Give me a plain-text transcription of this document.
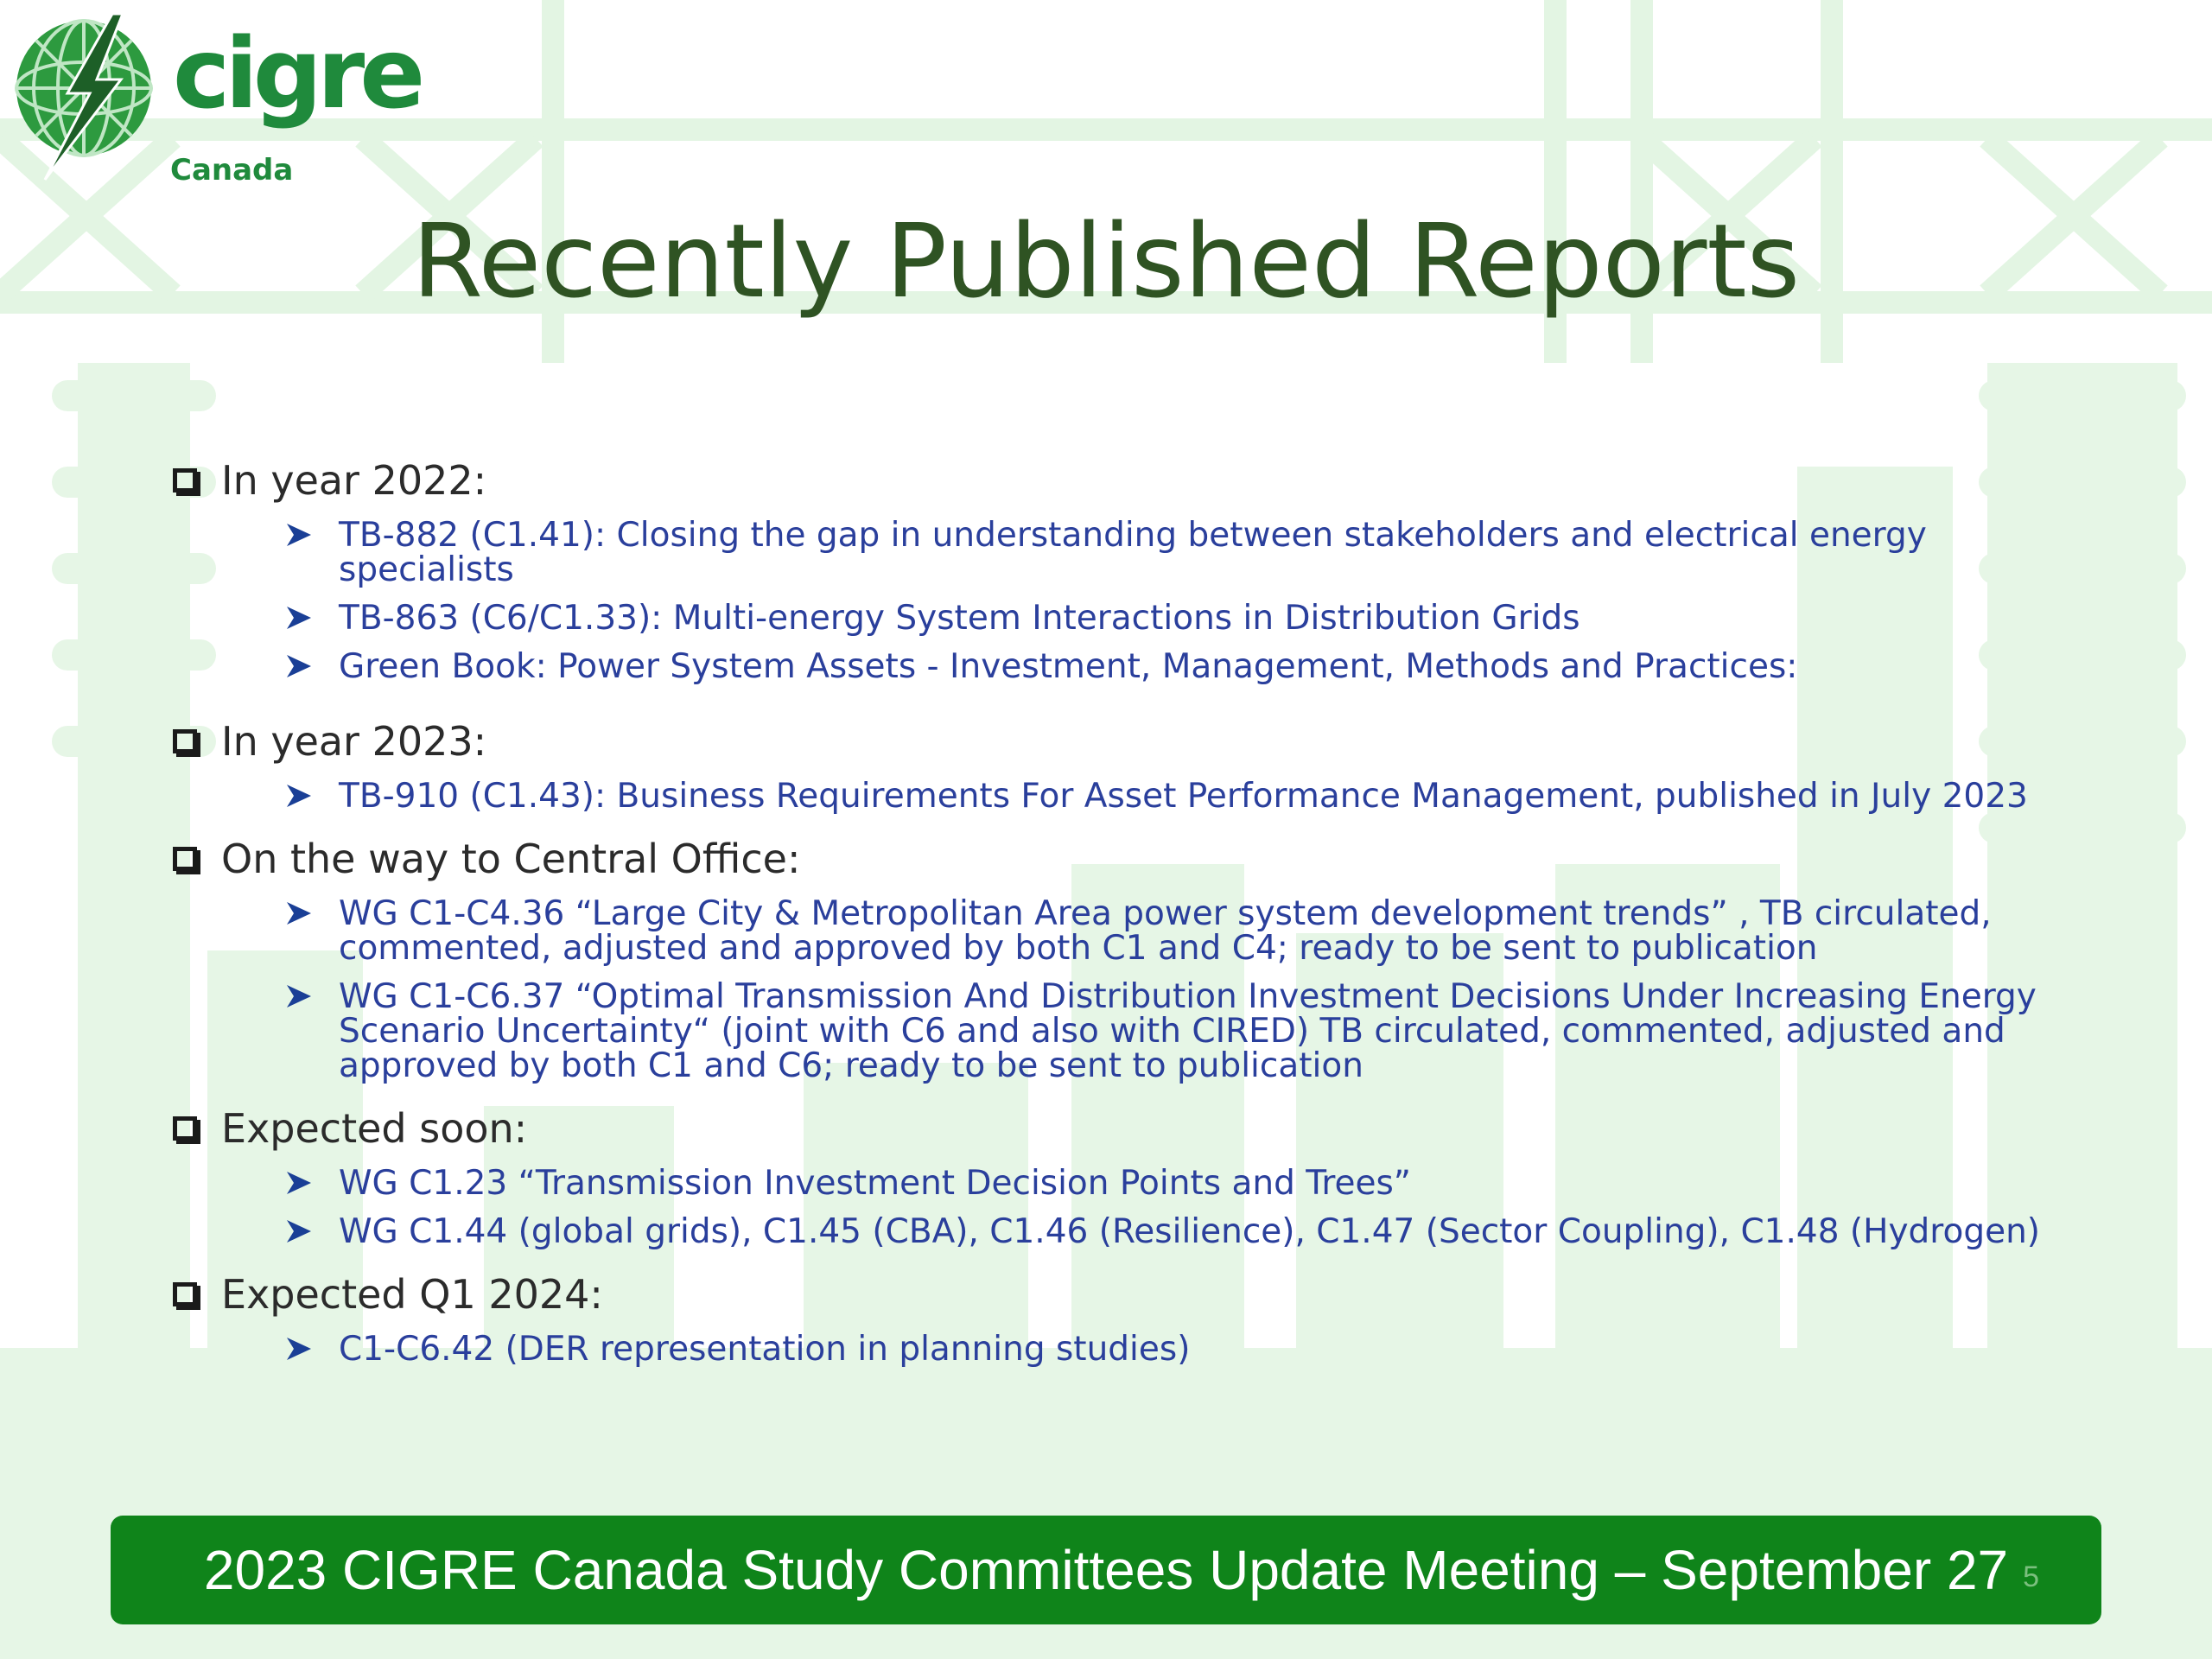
cigre
Canada
Recently Published Reports
In year 2022:
TB-882 (C1.41): Closing the gap in understanding between stakeholders and electrical energy specialists
TB-863 (C6/C1.33): Multi-energy System Interactions in Distribution Grids
Green Book: Power System Assets - Investment, Management, Methods and Practices:
In year 2023:
TB-910 (C1.43): Business Requirements For Asset Performance Management, published in July 2023
On the way to Central Office:
WG C1-C4.36 “Large City & Metropolitan Area power system development trends” , TB circulated, commented, adjusted and approved by both C1 and C4; ready to be sent to publication
WG C1-C6.37 “Optimal Transmission And Distribution Investment Decisions Under Increasing Energy Scenario Uncertainty“ (joint with C6 and also with CIRED) TB circulated, commented, adjusted and approved by both C1 and C6; ready to be sent to publication
Expected soon:
WG C1.23 “Transmission Investment Decision Points and Trees”
WG C1.44 (global grids), C1.45 (CBA), C1.46 (Resilience), C1.47 (Sector Coupling), C1.48 (Hydrogen)
Expected Q1 2024:
C1-C6.42 (DER representation in planning studies)
2023 CIGRE Canada Study Committees Update Meeting – September 27 5
